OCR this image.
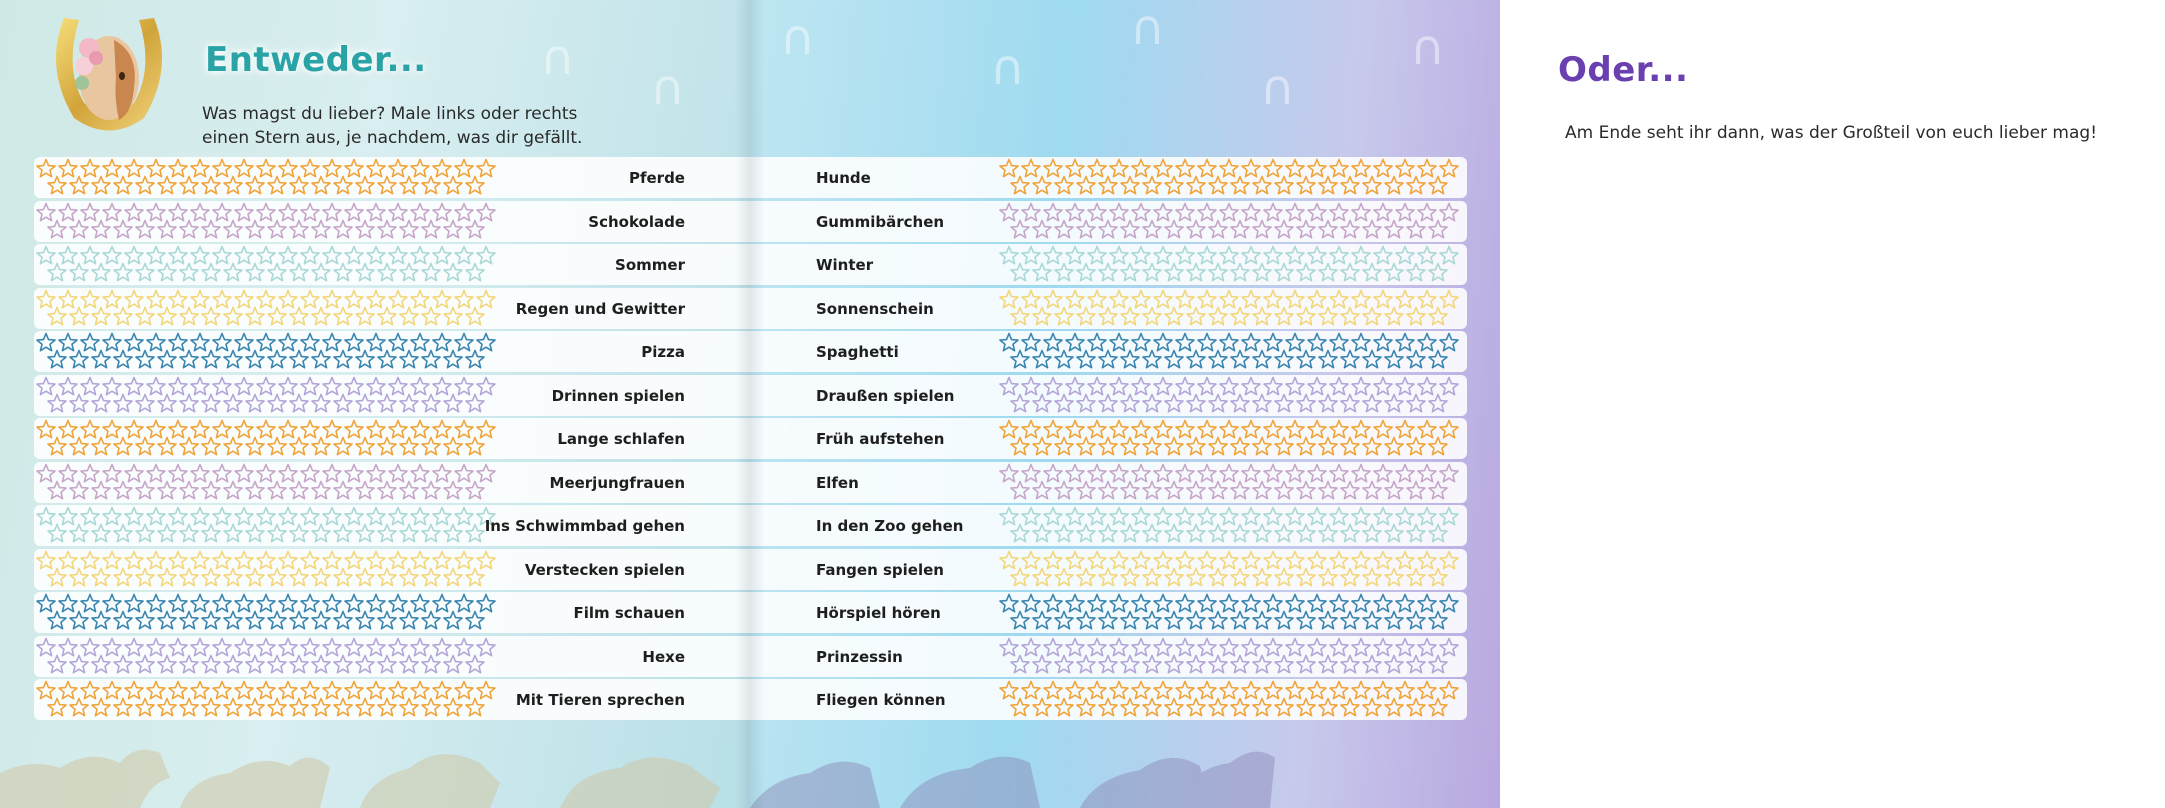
∩
∩
Entweder...
Was magst du lieber? Male links oder rechts einen Stern aus, je nachdem, was dir gefällt.
Pferde
Schokolade
Sommer
Regen und Gewitter
Pizza
Drinnen spielen
Lange schlafen
Meerjungfrauen
Ins Schwimmbad gehen
Verstecken spielen
Film schauen
Hexe
Mit Tieren sprechen
∩
∩
∩
∩
∩	Oder...
Am Ende seht ihr dann, was der Großteil von euch lieber mag!
Hunde
Gummibärchen
Winter
Sonnenschein
Spaghetti
Draußen spielen
Früh aufstehen
Elfen
In den Zoo gehen
Fangen spielen
Hörspiel hören
Prinzessin
Fliegen können
